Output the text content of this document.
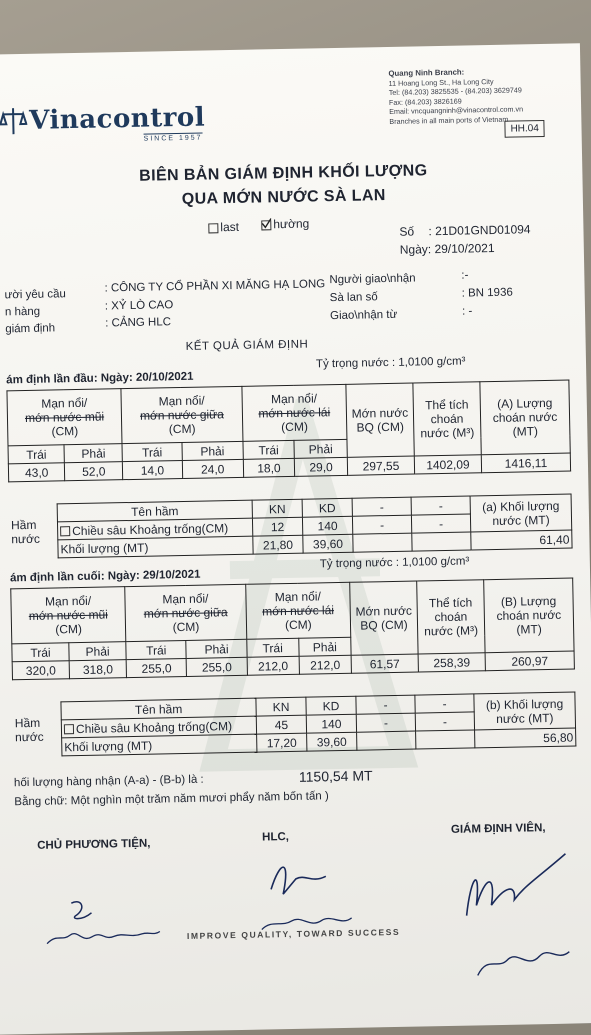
Vinacontrol
SINCE 1957
Quang Ninh Branch:
11 Hoang Long St., Ha Long City
Tel: (84.203) 3825535 - (84.203) 3629749
Fax: (84.203) 3826169
Email: vncquangninh@vinacontrol.com.vn
Branches in all main ports of Vietnam
HH.04
BIÊN BẢN GIÁM ĐỊNH KHỐI LƯỢNG
QUA MỚN NƯỚC SÀ LAN
last	hường
Số : 21D01GND01094
Ngày: 29/10/2021
ười yêu cầu
: CÔNG TY CỔ PHẦN XI MĂNG HẠ LONG
n hàng	: XỶ LÒ CAO
giám định	: CẢNG HLC
Người giao\nhận	:-
Sà lan số	: BN 1936
Giao\nhận từ	: -
KẾT QUẢ GIÁM ĐỊNH
ám định lần đầu: Ngày: 20/10/2021
Tỷ trọng nước : 1,0100 g/cm³
Mạn nổi/
mớn nước mũi
(CM)		Mạn nổi/
mớn nước giữa
(CM)		Mạn nổi/
mớn nước lái
(CM)		Mớn nước BQ (CM)	Thể tích choán nước (M³)	(A) Lượng choán nước (MT)
Trái	Phải	Trái	Phải	Trái	Phải			
43,0	52,0	14,0	24,0	18,0	29,0	297,55	1402,09	1416,11
Hầm
nước	Tên hầm	KN	KD	-	-	(a) Khối lượng nước (MT)
	Chiều sâu Khoảng trống(CM)	12	140	-	-	
	Khối lượng (MT)	21,80	39,60			61,40
ám định lần cuối: Ngày: 29/10/2021
Tỷ trọng nước : 1,0100 g/cm³
Mạn nổi/
mớn nước mũi
(CM)		Mạn nổi/
mớn nước giữa
(CM)		Mạn nổi/
mớn nước lái
(CM)		Mớn nước BQ (CM)	Thể tích choán nước (M³)	(B) Lượng choán nước (MT)
Trái	Phải	Trái	Phải	Trái	Phải			
320,0	318,0	255,0	255,0	212,0	212,0	61,57	258,39	260,97
Hầm
nước	Tên hầm	KN	KD	-	-	(b) Khối lượng nước (MT)
	Chiều sâu Khoảng trống(CM)	45	140	-	-	
	Khối lượng (MT)	17,20	39,60			56,80
hối lượng hàng nhận (A-a) - (B-b) là :	1150,54 MT
Bằng chữ: Một nghìn một trăm năm mươi phẩy năm bốn tấn )
CHỦ PHƯƠNG TIỆN,
HLC,
GIÁM ĐỊNH VIÊN,
IMPROVE QUALITY, TOWARD SUCCESS
